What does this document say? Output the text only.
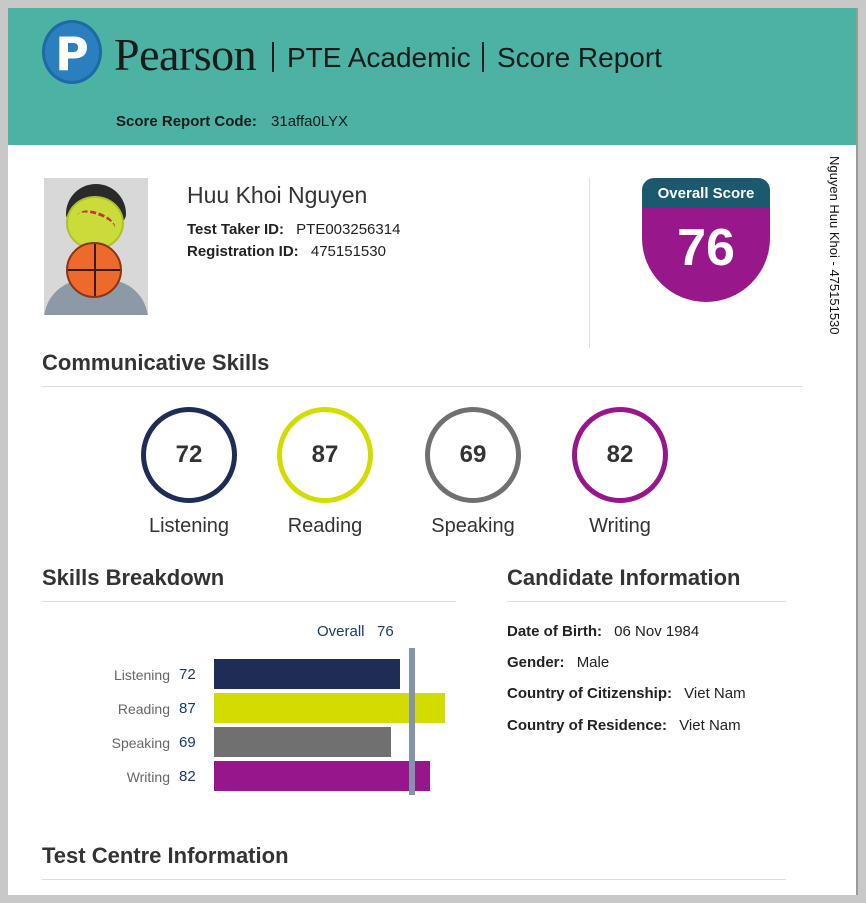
P Pearson PTE Academic Score Report
Score Report Code: 31affa0LYX
Huu Khoi Nguyen
Test Taker ID: PTE003256314
Registration ID: 475151530
Overall Score
76	Nguyen Huu Khoi - 475151530
Communicative Skills
72
Listening
87
Reading
69
Speaking
82
Writing
Skills Breakdown
Overall 76
Listening 72
Reading 87
Speaking 69
Writing 82
Candidate Information
Date of Birth: 06 Nov 1984
Gender: Male
Country of Citizenship: Viet Nam
Country of Residence: Viet Nam
Test Centre Information
